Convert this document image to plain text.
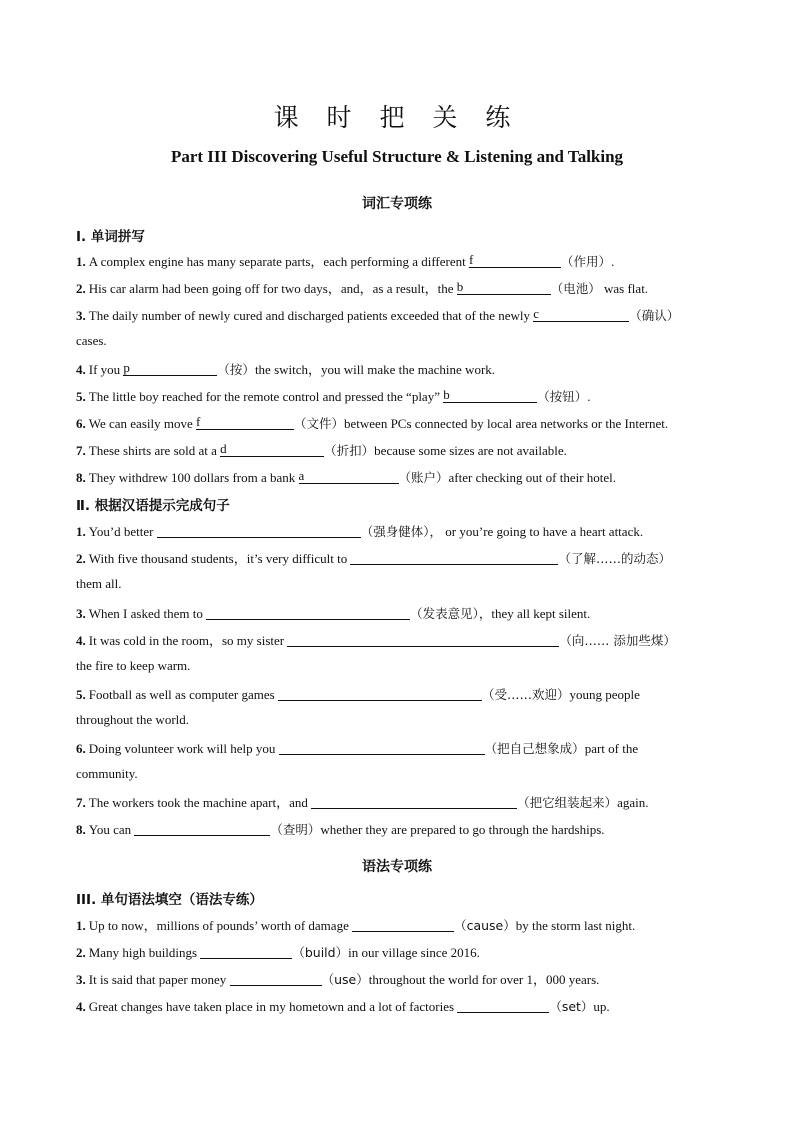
课 时 把 关 练
Part III Discovering Useful Structure & Listening and Talking
词汇专项练
Ⅰ. 单词拼写
1. A complex engine has many separate parts，each performing a different f	（作用）.
2. His car alarm had been going off for two days，and，as a result，the b	（电池） was flat.
3. The daily number of newly cured and discharged patients exceeded that of the newly c	（确认）
cases.
4. If you p	（按）the switch，you will make the machine work.
5. The little boy reached for the remote control and pressed the “play” b	（按钮）.
6. We can easily move f	（文件）between PCs connected by local area networks or the Internet.
7. These shirts are sold at a d	（折扣）because some sizes are not available.
8. They withdrew 100 dollars from a bank a	（账户）after checking out of their hotel.
Ⅱ. 根据汉语提示完成句子
1. You’d better	（强身健体）， or you’re going to have a heart attack.
2. With five thousand students，it’s very difficult to	（了解……的动态）
them all.
3. When I asked them to	（发表意见），they all kept silent.
4. It was cold in the room，so my sister	（向…… 添加些煤）
the fire to keep warm.
5. Football as well as computer games	（受……欢迎）young people
throughout the world.
6. Doing volunteer work will help you	（把自己想象成）part of the
community.
7. The workers took the machine apart，and	（把它组装起来）again.
8. You can	（查明）whether they are prepared to go through the hardships.
语法专项练
III. 单句语法填空（语法专练）
1. Up to now，millions of pounds’ worth of damage	（cause）by the storm last night.
2. Many high buildings	（build）in our village since 2016.
3. It is said that paper money	（use）throughout the world for over 1，000 years.
4. Great changes have taken place in my hometown and a lot of factories	（set）up.
